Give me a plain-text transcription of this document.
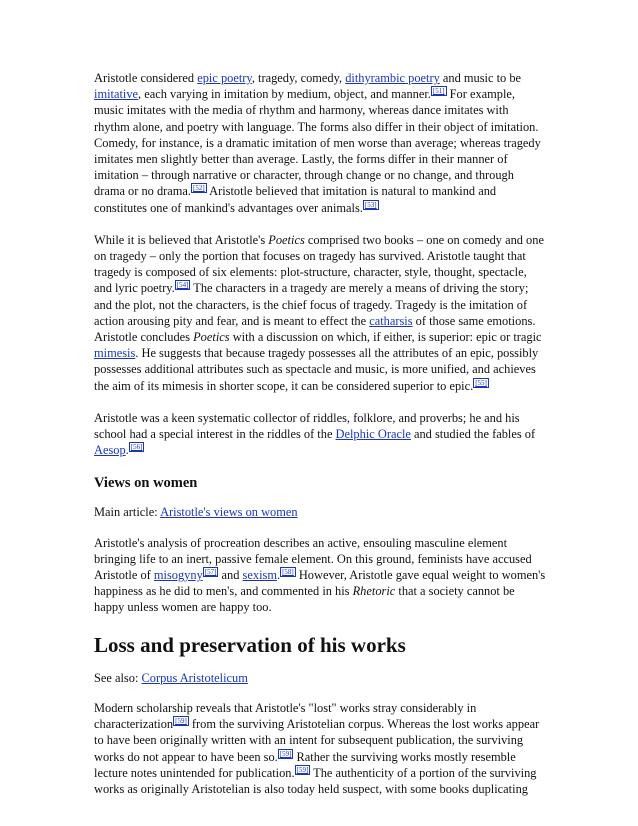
Aristotle considered epic poetry, tragedy, comedy, dithyrambic poetry and music to be imitative, each varying in imitation by medium, object, and manner. [51] For example, music imitates with the media of rhythm and harmony, whereas dance imitates with rhythm alone, and poetry with language. The forms also differ in their object of imitation. Comedy, for instance, is a dramatic imitation of men worse than average; whereas tragedy imitates men slightly better than average. Lastly, the forms differ in their manner of imitation – through narrative or character, through change or no change, and through drama or no drama. [52] Aristotle believed that imitation is natural to mankind and constitutes one of mankind's advantages over animals. [53]

While it is believed that Aristotle's Poetics comprised two books – one on comedy and one on tragedy – only the portion that focuses on tragedy has survived. Aristotle taught that tragedy is composed of six elements: plot-structure, character, style, thought, spectacle, and lyric poetry. [54] The characters in a tragedy are merely a means of driving the story; and the plot, not the characters, is the chief focus of tragedy. Tragedy is the imitation of action arousing pity and fear, and is meant to effect the catharsis of those same emotions. Aristotle concludes Poetics with a discussion on which, if either, is superior: epic or tragic mimesis. He suggests that because tragedy possesses all the attributes of an epic, possibly possesses additional attributes such as spectacle and music, is more unified, and achieves the aim of its mimesis in shorter scope, it can be considered superior to epic. [55]

Aristotle was a keen systematic collector of riddles, folklore, and proverbs; he and his school had a special interest in the riddles of the Delphic Oracle and studied the fables of Aesop. [56]

Views on women

Main article: Aristotle's views on women

Aristotle's analysis of procreation describes an active, ensouling masculine element bringing life to an inert, passive female element. On this ground, feminists have accused Aristotle of misogyny [57] and sexism. [58] However, Aristotle gave equal weight to women's happiness as he did to men's, and commented in his Rhetoric that a society cannot be happy unless women are happy too.

Loss and preservation of his works

See also: Corpus Aristotelicum

Modern scholarship reveals that Aristotle's "lost" works stray considerably in characterization [59] from the surviving Aristotelian corpus. Whereas the lost works appear to have been originally written with an intent for subsequent publication, the surviving works do not appear to have been so. [59] Rather the surviving works mostly resemble lecture notes unintended for publication. [59] The authenticity of a portion of the surviving works as originally Aristotelian is also today held suspect, with some books duplicating
